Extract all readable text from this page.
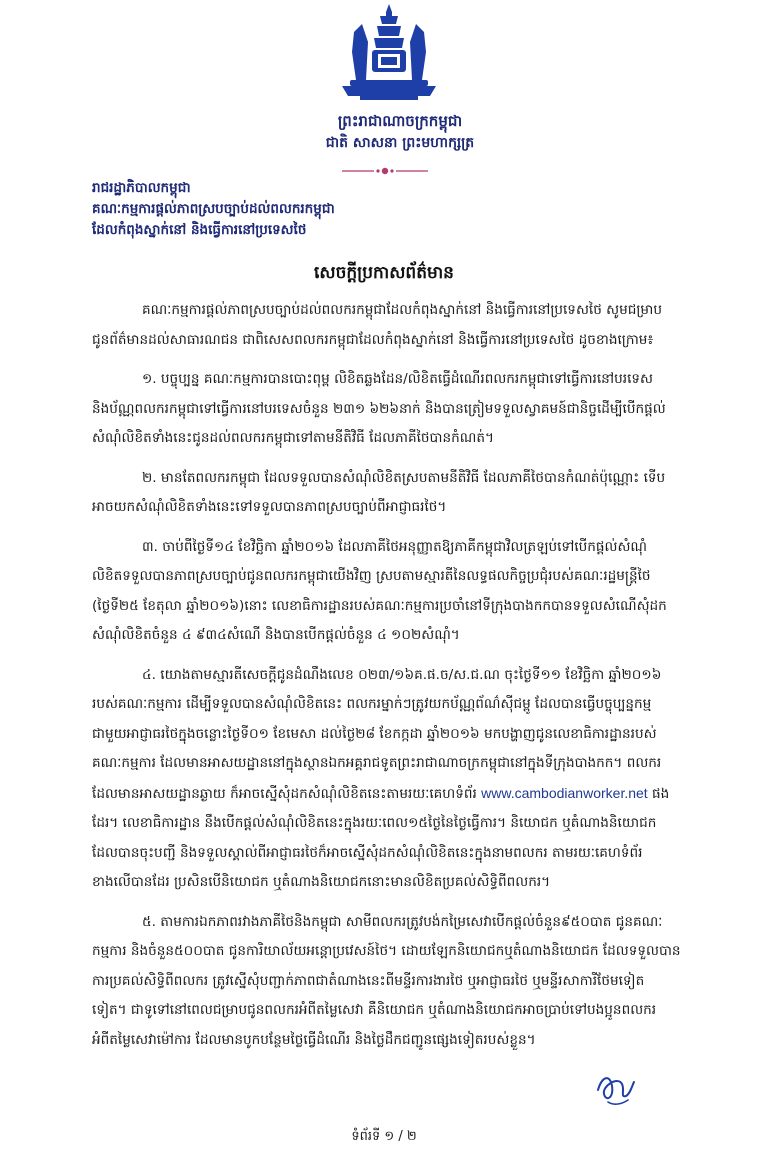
ព្រះរាជាណាចក្រកម្ពុជា
ជាតិ សាសនា ព្រះមហាក្សត្រ
រាជរដ្ឋាភិបាលកម្ពុជា
គណៈកម្មការផ្តល់ភាពស្របច្បាប់ដល់ពលករកម្ពុជា
ដែលកំពុងស្នាក់នៅ និងធ្វើការនៅប្រទេសថៃ
សេចក្តីប្រកាសព័ត៌មាន
គណៈកម្មការផ្តល់ភាពស្របច្បាប់ដល់ពលករកម្ពុជាដែលកំពុងស្នាក់នៅ និងធ្វើការនៅប្រទេសថៃ សូមជម្រាប
ជូនព័ត៌មានដល់សាធារណជន ជាពិសេសពលករកម្ពុជាដែលកំពុងស្នាក់នៅ និងធ្វើការនៅប្រទេសថៃ ដូចខាងក្រោម៖
១. បច្ចុប្បន្ន គណៈកម្មការបានបោះពុម្ព លិខិតឆ្លងដែន/លិខិតធ្វើដំណើរពលករកម្ពុជាទៅធ្វើការនៅបរទេស
និងប័ណ្ណពលករកម្ពុជាទៅធ្វើការនៅបរទេសចំនួន ២៣១ ៦២៦នាក់ និងបានត្រៀមទទួលស្វាគមន៍ជានិច្ចដើម្បីបើកផ្តល់
សំណុំលិខិតទាំងនេះជូនដល់ពលករកម្ពុជាទៅតាមនីតិវិធី ដែលភាគីថៃបានកំណត់។
២. មានតែពលករកម្ពុជា ដែលទទួលបានសំណុំលិខិតស្របតាមនីតិវិធី ដែលភាគីថៃបានកំណត់ប៉ុណ្ណោះ ទើប
អាចយកសំណុំលិខិតទាំងនេះទៅទទួលបានភាពស្របច្បាប់ពីអាជ្ញាធរថៃ។
៣. ចាប់ពីថ្ងៃទី១៤ ខែវិច្ឆិកា ឆ្នាំ២០១៦ ដែលភាគីថៃអនុញ្ញាតឱ្យភាគីកម្ពុជាវិលត្រឡប់ទៅបើកផ្តល់សំណុំ
លិខិតទទួលបានភាពស្របច្បាប់ជូនពលករកម្ពុជាយើងវិញ ស្របតាមស្មារតីនៃលទ្ធផលកិច្ចប្រជុំរបស់គណៈរដ្ឋមន្ត្រីថៃ
(ថ្ងៃទី២៥ ខែតុលា ឆ្នាំ២០១៦)នោះ លេខាធិការដ្ឋានរបស់គណៈកម្មការប្រចាំនៅទីក្រុងបាងកកបានទទួលសំណើសុំដក
សំណុំលិខិតចំនួន ៤ ៩៣៤សំណើ និងបានបើកផ្តល់ចំនួន ៤ ១០២សំណុំ។
៤. យោងតាមស្មារតីសេចក្តីជូនដំណឹងលេខ ០២៣/១៦គ.ផ.ច/ស.ជ.ណ ចុះថ្ងៃទី១១ ខែវិច្ឆិកា ឆ្នាំ២០១៦
របស់គណៈកម្មការ ដើម្បីទទួលបានសំណុំលិខិតនេះ ពលករម្នាក់ៗត្រូវយកប័ណ្ណព័ណ៌ស៊ីជម្ពូ ដែលបានធ្វើបច្ចុប្បន្នកម្ម
ជាមួយអាជ្ញាធរថៃក្នុងចន្លោះថ្ងៃទី០១ ខែមេសា ដល់ថ្ងៃ២៨ ខែកក្កដា ឆ្នាំ២០១៦ មកបង្ហាញជូនលេខាធិការដ្ឋានរបស់
គណៈកម្មការ ដែលមានអាសយដ្ឋាននៅក្នុងស្ថានឯកអគ្គរាជទូតព្រះរាជាណាចក្រកម្ពុជានៅក្នុងទីក្រុងបាងកក។ ពលករ
ដែលមានអាសយដ្ឋានឆ្ងាយ ក៏អាចស្នើសុំដកសំណុំលិខិតនេះតាមរយៈគេហទំព័រ www.cambodianworker.net ផង
ដែរ។ លេខាធិការដ្ឋាន នឹងបើកផ្តល់សំណុំលិខិតនេះក្នុងរយៈពេល១៥ថ្ងៃនៃថ្ងៃធ្វើការ។ និយោជក ឬតំណាងនិយោជក
ដែលបានចុះបញ្ជី និងទទួលស្គាល់ពីអាជ្ញាធរថៃក៏អាចស្នើសុំដកសំណុំលិខិតនេះក្នុងនាមពលករ តាមរយៈគេហទំព័រ
ខាងលើបានដែរ ប្រសិនបើនិយោជក ឬតំណាងនិយោជកនោះមានលិខិតប្រគល់សិទ្ធិពីពលករ។
៥. តាមការឯកភាពរវាងភាគីថៃនិងកម្ពុជា សាមីពលករត្រូវបង់កម្រៃសេវាបើកផ្តល់ចំនួន៩៥០បាត ជូនគណៈ
កម្មការ និងចំនួន៥០០បាត ជូនការិយាល័យអន្តោប្រវេសន៍ថៃ។ ដោយឡែកនិយោជកឬតំណាងនិយោជក ដែលទទួលបាន
ការប្រគល់សិទ្ធិពីពលករ ត្រូវស្នើសុំបញ្ជាក់ភាពជាតំណាងនេះពីមន្ទីរការងារថៃ ឬអាជ្ញាធរថៃ ឬមន្ទីរសាការីថែមទៀត
ទៀត។ ជាទូទៅនៅពេលជម្រាបជូនពលករអំពីតម្លៃសេវា គឺនិយោជក ឬតំណាងនិយោជកអាចប្រាប់ទៅបងប្អូនពលករ
អំពីតម្លៃសេវាម៉ៅការ ដែលមានបូកបន្ថែមថ្លៃធ្វើដំណើរ និងថ្លៃដឹកជញ្ជូនផ្សេងទៀតរបស់ខ្លួន។
ទំព័រទី ១ / ២
